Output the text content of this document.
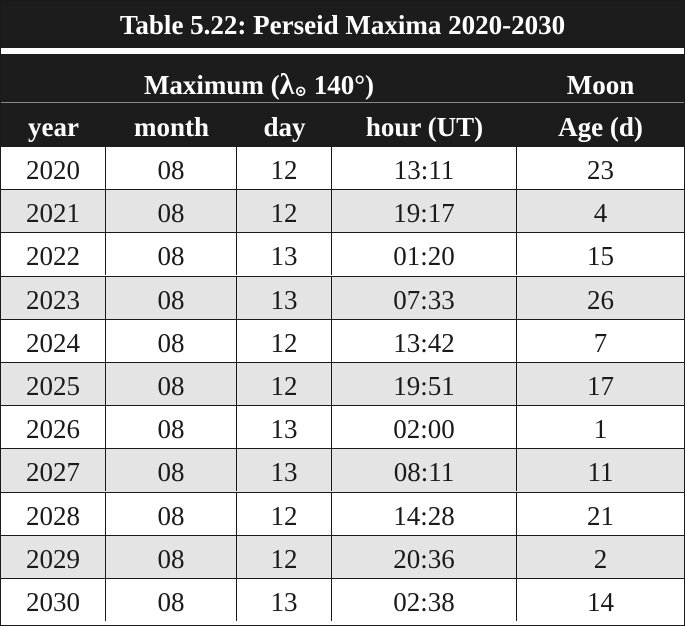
Table 5.22: Perseid Maxima 2020-2030
Maximum (λ⊙ 140°)	Moon
year	month	day	hour (UT)	Age (d)
2020	08	12	13:11	23
2021	08	12	19:17	4
2022	08	13	01:20	15
2023	08	13	07:33	26
2024	08	12	13:42	7
2025	08	12	19:51	17
2026	08	13	02:00	1
2027	08	13	08:11	11
2028	08	12	14:28	21
2029	08	12	20:36	2
2030	08	13	02:38	14
